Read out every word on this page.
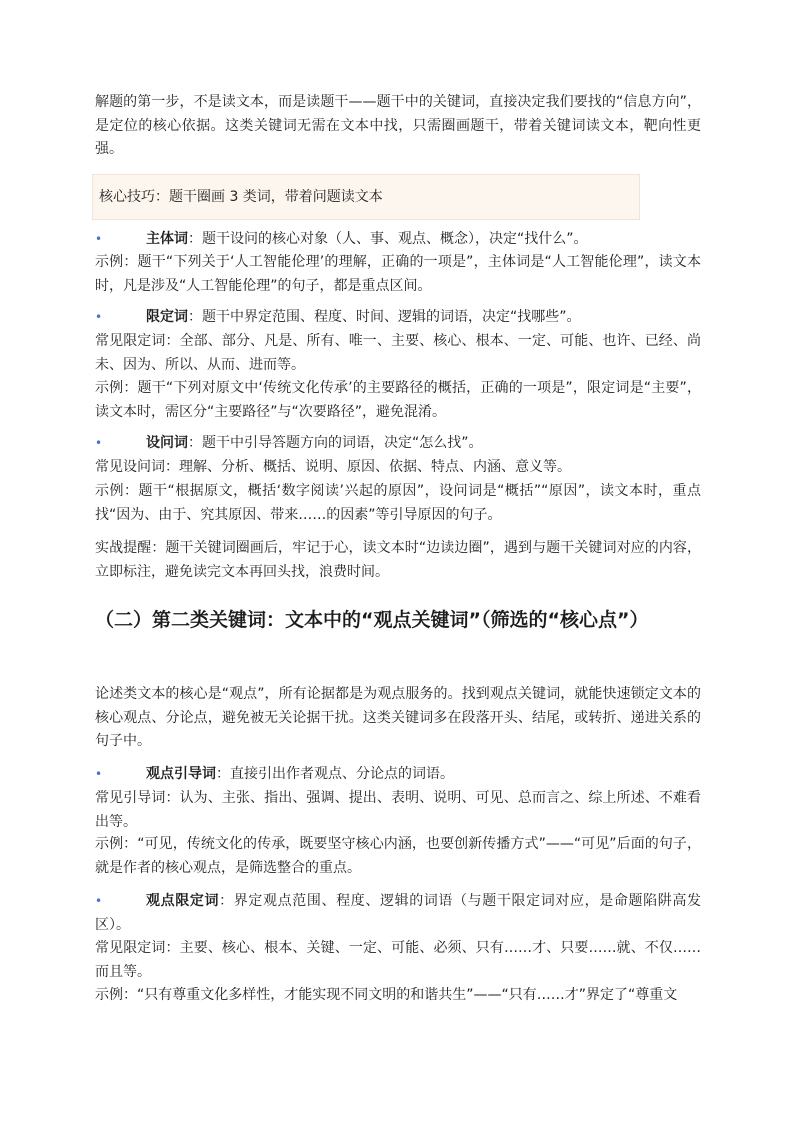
解题的第一步，不是读文本，而是读题干——题干中的关键词，直接决定我们要找的“信息方向”，是定位的核心依据。这类关键词无需在文本中找，只需圈画题干，带着关键词读文本，靶向性更强。

核心技巧：题干圈画 3 类词，带着问题读文本
•	主体词：题干设问的核心对象（人、事、观点、概念），决定“找什么”。

示例：题干“下列关于‘人工智能伦理’的理解，正确的一项是”，主体词是“人工智能伦理”，读文本时，凡是涉及“人工智能伦理”的句子，都是重点区间。

•	限定词：题干中界定范围、程度、时间、逻辑的词语，决定“找哪些”。

常见限定词：全部、部分、凡是、所有、唯一、主要、核心、根本、一定、可能、也许、已经、尚未、因为、所以、从而、进而等。

示例：题干“下列对原文中‘传统文化传承’的主要路径的概括，正确的一项是”，限定词是“主要”，读文本时，需区分“主要路径”与“次要路径”，避免混淆。

•	设问词：题干中引导答题方向的词语，决定“怎么找”。

常见设问词：理解、分析、概括、说明、原因、依据、特点、内涵、意义等。

示例：题干“根据原文，概括‘数字阅读’兴起的原因”，设问词是“概括”“原因”，读文本时，重点找“因为、由于、究其原因、带来……的因素”等引导原因的句子。

实战提醒：题干关键词圈画后，牢记于心，读文本时“边读边圈”，遇到与题干关键词对应的内容，立即标注，避免读完文本再回头找，浪费时间。

（二）第二类关键词：文本中的“观点关键词”（筛选的“核心点”）

论述类文本的核心是“观点”，所有论据都是为观点服务的。找到观点关键词，就能快速锁定文本的核心观点、分论点，避免被无关论据干扰。这类关键词多在段落开头、结尾，或转折、递进关系的句子中。

•	观点引导词：直接引出作者观点、分论点的词语。

常见引导词：认为、主张、指出、强调、提出、表明、说明、可见、总而言之、综上所述、不难看出等。

示例：“可见，传统文化的传承，既要坚守核心内涵，也要创新传播方式”——“可见”后面的句子，就是作者的核心观点，是筛选整合的重点。

•	观点限定词：界定观点范围、程度、逻辑的词语（与题干限定词对应，是命题陷阱高发区）。

常见限定词：主要、核心、根本、关键、一定、可能、必须、只有……才、只要……就、不仅……而且等。

示例：“只有尊重文化多样性，才能实现不同文明的和谐共生”——“只有……才”界定了“尊重文
